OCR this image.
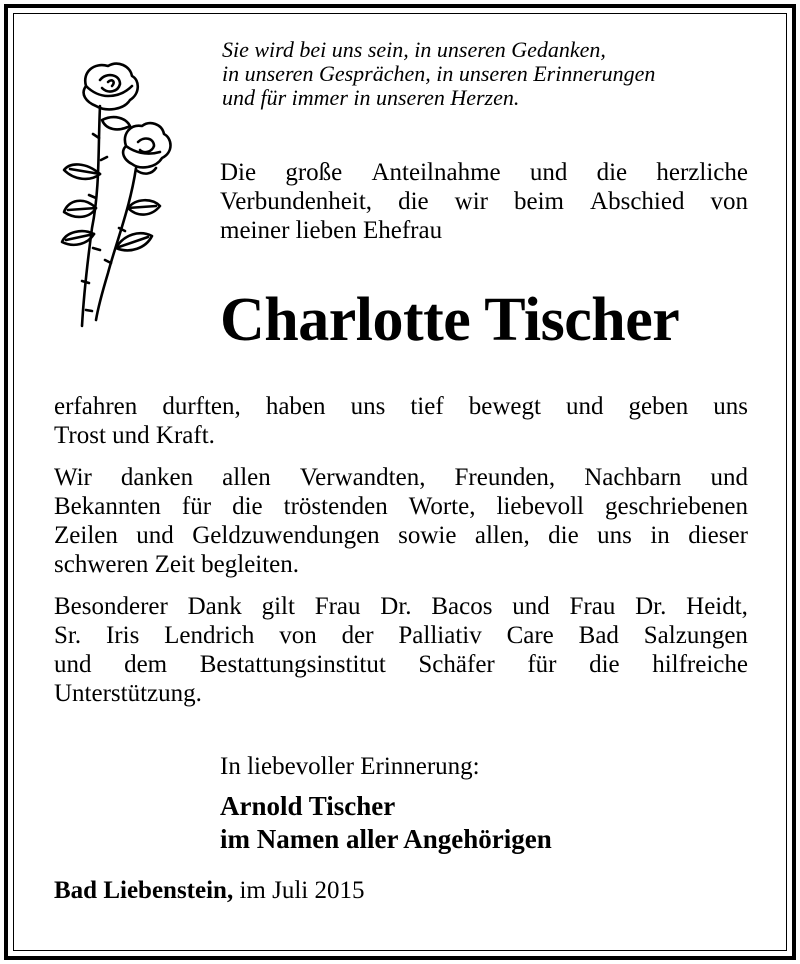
Sie wird bei uns sein, in unseren Gedanken,
in unseren Gesprächen, in unseren Erinnerungen
und für immer in unseren Herzen.
Die große Anteilnahme und die herzliche
Verbundenheit, die wir beim Abschied von
meiner lieben Ehefrau
Charlotte Tischer
erfahren durften, haben uns tief bewegt und geben uns
Trost und Kraft.
Wir danken allen Verwandten, Freunden, Nachbarn und
Bekannten für die tröstenden Worte, liebevoll geschriebenen
Zeilen und Geldzuwendungen sowie allen, die uns in dieser
schweren Zeit begleiten.
Besonderer Dank gilt Frau Dr. Bacos und Frau Dr. Heidt,
Sr. Iris Lendrich von der Palliativ Care Bad Salzungen
und dem Bestattungsinstitut Schäfer für die hilfreiche
Unterstützung.
In liebevoller Erinnerung:
Arnold Tischer
im Namen aller Angehörigen
Bad Liebenstein, im Juli 2015
